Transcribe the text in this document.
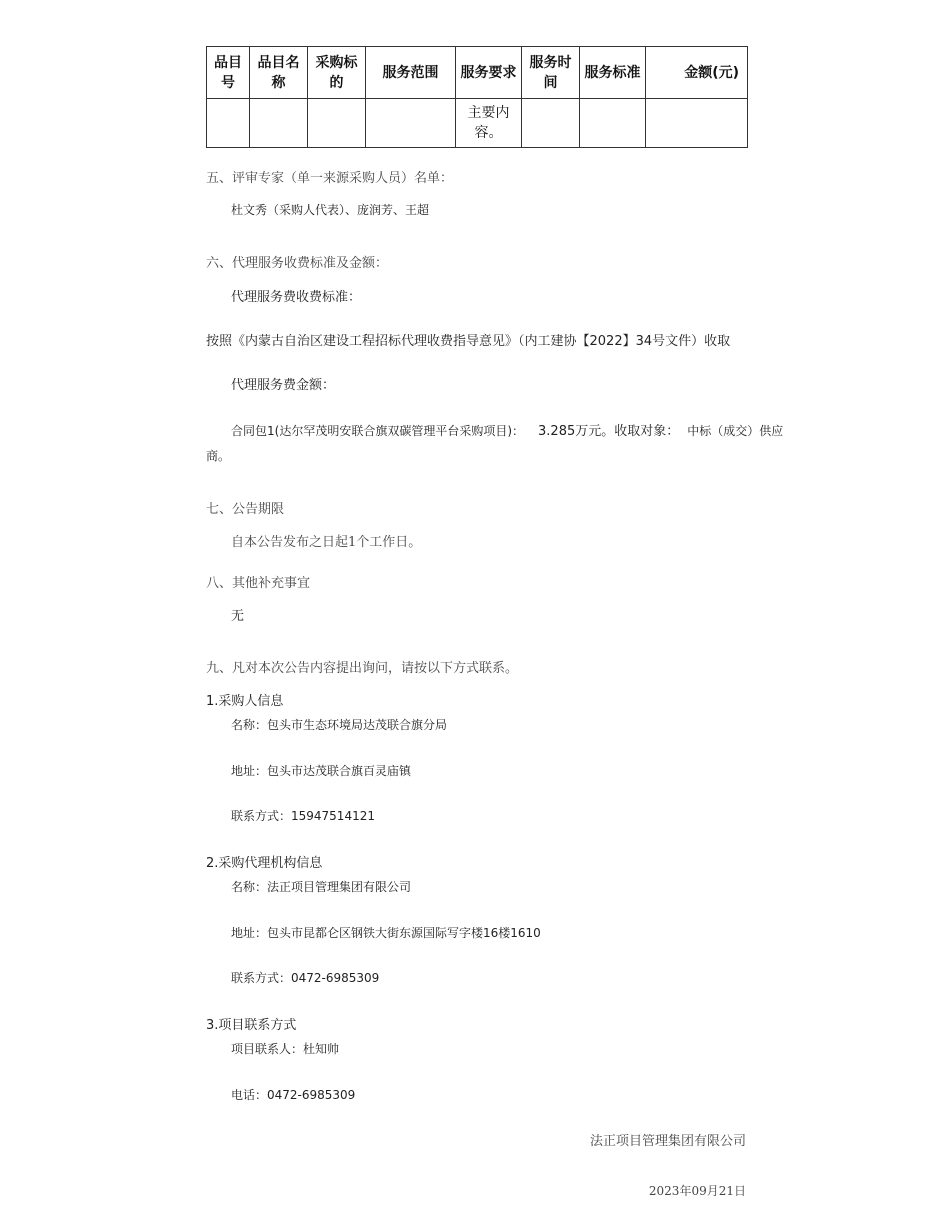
品目号	品目名称	采购标的	服务范围	服务要求	服务时间	服务标准	金额(元)
				主要内容。			
五、评审专家（单一来源采购人员）名单：
杜文秀（采购人代表）、庞润芳、王超
六、代理服务收费标准及金额：
代理服务费收费标准：
按照《内蒙古自治区建设工程招标代理收费指导意见》（内工建协【2022】34号文件）收取
代理服务费金额：
合同包1(达尔罕茂明安联合旗双碳管理平台采购项目)： 3.285万元。收取对象： 中标（成交）供应
商。
七、公告期限
自本公告发布之日起1个工作日。
八、其他补充事宜
无
九、凡对本次公告内容提出询问，请按以下方式联系。
1.采购人信息
名称：包头市生态环境局达茂联合旗分局
地址：包头市达茂联合旗百灵庙镇
联系方式：15947514121
2.采购代理机构信息
名称：法正项目管理集团有限公司
地址：包头市昆都仑区钢铁大街东源国际写字楼16楼1610
联系方式：0472-6985309
3.项目联系方式
项目联系人：杜知帅
电话：0472-6985309
法正项目管理集团有限公司
2023年09月21日
